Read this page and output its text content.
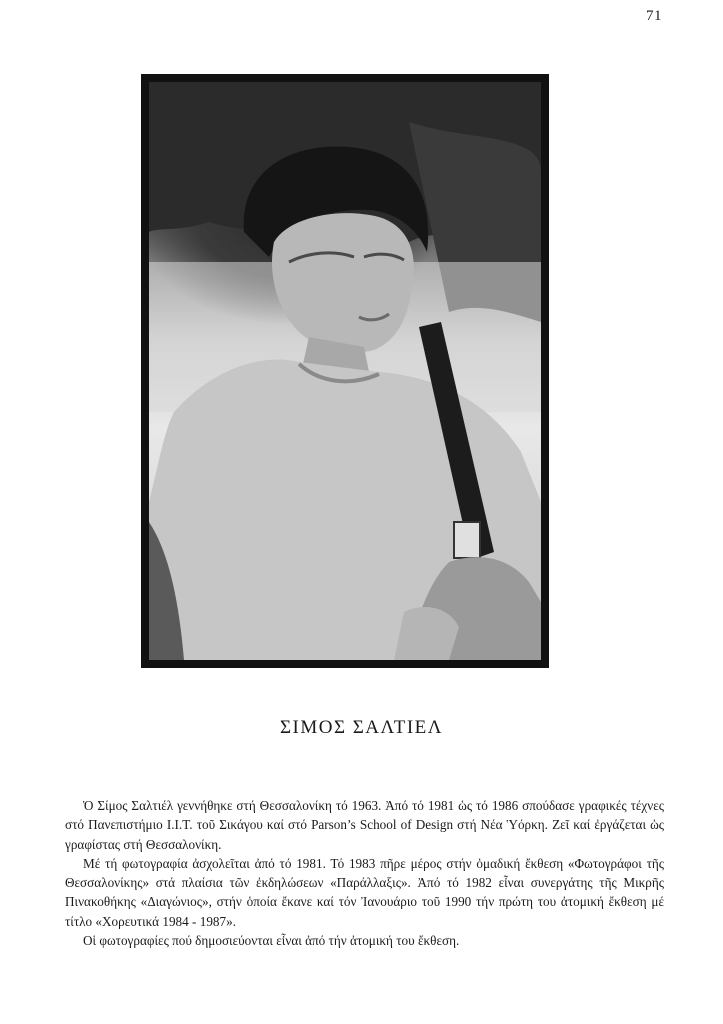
71
ΣΙΜΟΣ ΣΑΛΤΙΕΛ

Ὁ Σίμος Σαλτιέλ γεννήθηκε στή Θεσσαλονίκη τό 1963. Ἀπό τό 1981 ὡς τό 1986 σπούδασε γραφικές τέχνες στό Πανεπιστήμιο I.I.T. τοῦ Σικάγου καί στό Parson’s School of Design στή Νέα Ὑόρκη. Ζεῖ καί ἐργάζεται ὡς γραφίστας στή Θεσσαλονίκη.

Μέ τή φωτογραφία ἀσχολεῖται ἀπό τό 1981. Τό 1983 πῆρε μέρος στήν ὁμαδική ἔκθεση «Φωτογράφοι τῆς Θεσσαλονίκης» στά πλαίσια τῶν ἐκδηλώσεων «Παράλλαξις». Ἀπό τό 1982 εἶναι συνεργάτης τῆς Μικρῆς Πινακοθήκης «Διαγώνιος», στήν ὁποία ἔκανε καί τόν Ἰανουάριο τοῦ 1990 τήν πρώτη του ἀτομική ἔκθεση μέ τίτλο «Χορευτικά 1984 - 1987».

Οἱ φωτογραφίες πού δημοσιεύονται εἶναι ἀπό τήν ἀτομική του ἔκθεση.
